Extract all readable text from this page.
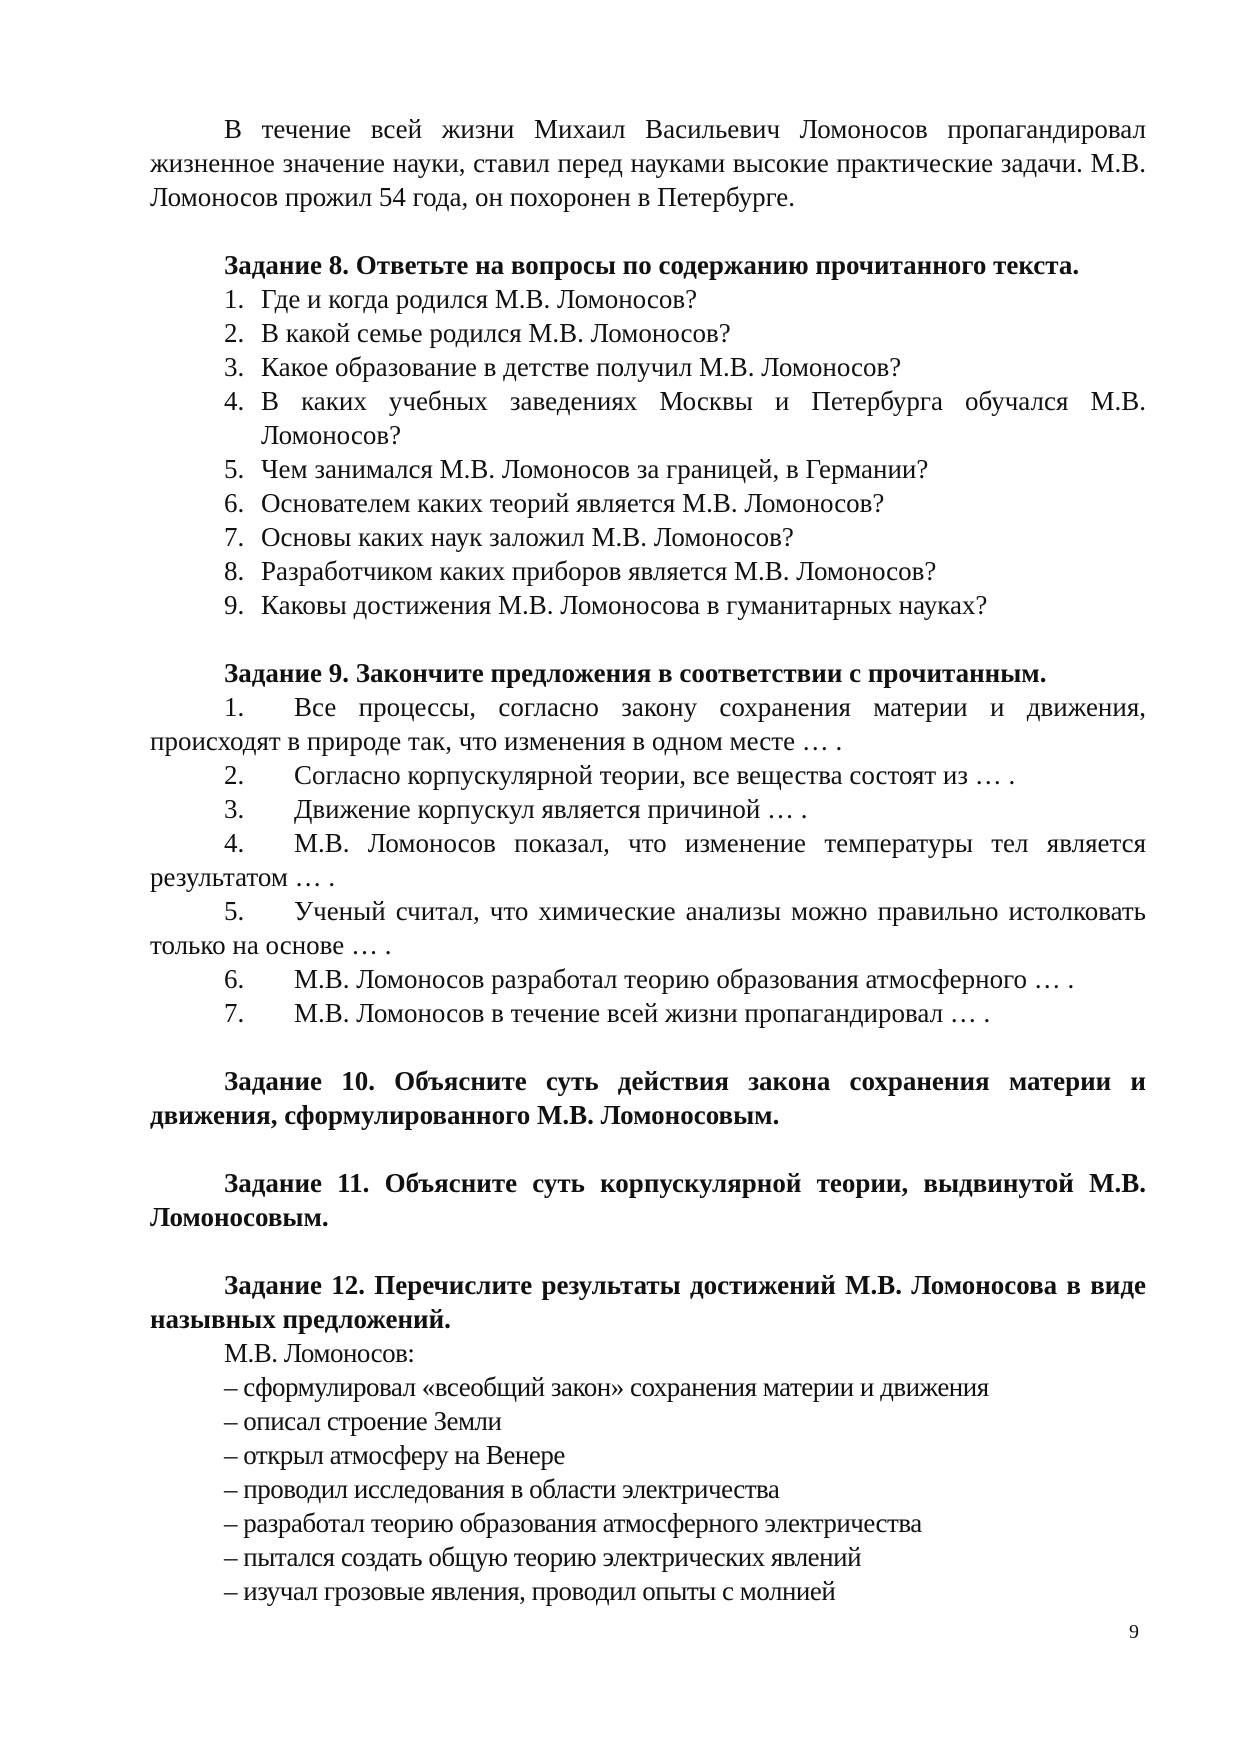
В течение всей жизни Михаил Васильевич Ломоносов пропагандировал жизненное значение науки, ставил перед науками высокие практические задачи. М.В. Ломоносов прожил 54 года, он похоронен в Петербурге.

Задание 8. Ответьте на вопросы по содержанию прочитанного текста.

1. Где и когда родился М.В. Ломоносов?
2. В какой семье родился М.В. Ломоносов?
3. Какое образование в детстве получил М.В. Ломоносов?
4. В каких учебных заведениях Москвы и Петербурга обучался М.В. Ломоносов?
5. Чем занимался М.В. Ломоносов за границей, в Германии?
6. Основателем каких теорий является М.В. Ломоносов?
7. Основы каких наук заложил М.В. Ломоносов?
8. Разработчиком каких приборов является М.В. Ломоносов?
9. Каковы достижения М.В. Ломоносова в гуманитарных науках?

Задание 9. Закончите предложения в соответствии с прочитанным.

1. Все процессы, согласно закону сохранения материи и движения, происходят в природе так, что изменения в одном месте … .

2. Согласно корпускулярной теории, все вещества состоят из … .

3. Движение корпускул является причиной … .

4. М.В. Ломоносов показал, что изменение температуры тел является результатом … .

5. Ученый считал, что химические анализы можно правильно истолковать только на основе … .

6. М.В. Ломоносов разработал теорию образования атмосферного … .

7. М.В. Ломоносов в течение всей жизни пропагандировал … .

Задание 10. Объясните суть действия закона сохранения материи и движения, сформулированного М.В. Ломоносовым.

Задание 11. Объясните суть корпускулярной теории, выдвинутой М.В. Ломоносовым.

Задание 12. Перечислите результаты достижений М.В. Ломоносова в виде назывных предложений.

М.В. Ломоносов:

– сформулировал «всеобщий закон» сохранения материи и движения

– описал строение Земли

– открыл атмосферу на Венере

– проводил исследования в области электричества

– разработал теорию образования атмосферного электричества

– пытался создать общую теорию электрических явлений

– изучал грозовые явления, проводил опыты с молнией

9
